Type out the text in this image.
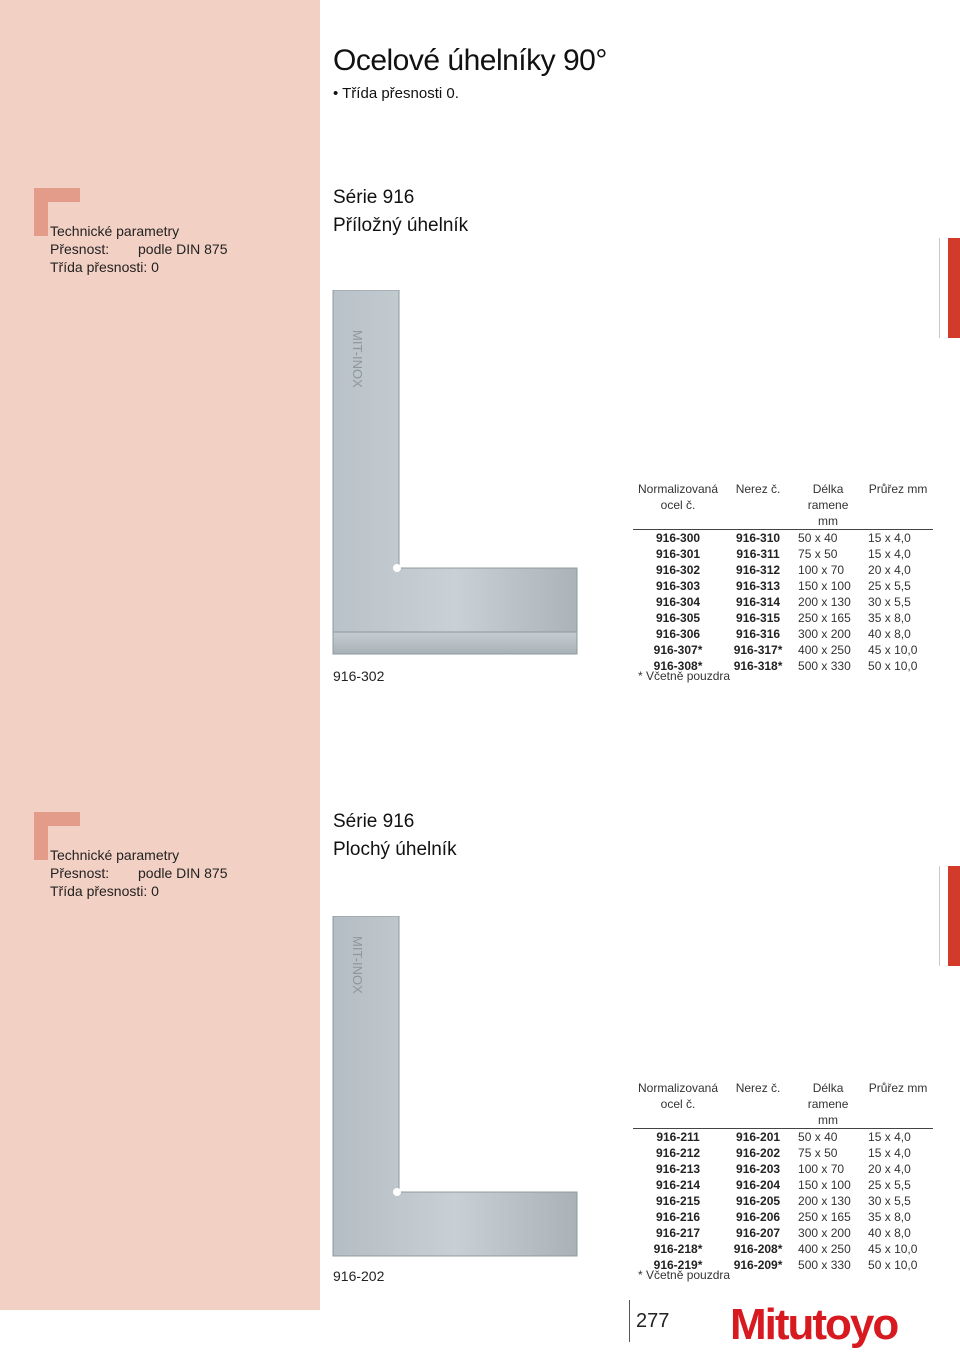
Ocelové úhelníky 90°
• Třída přesnosti 0.
Technické parametry
Přesnost: podle DIN 875
Třída přesnosti: 0
Série 916
Příložný úhelník
MIT-INOX
916-302
Normalizovaná ocel č.	Nerez č.	Délka ramene mm	Průřez mm
916-300	916-310	50 x 40	15 x 4,0
916-301	916-311	75 x 50	15 x 4,0
916-302	916-312	100 x 70	20 x 4,0
916-303	916-313	150 x 100	25 x 5,5
916-304	916-314	200 x 130	30 x 5,5
916-305	916-315	250 x 165	35 x 8,0
916-306	916-316	300 x 200	40 x 8,0
916-307*	916-317*	400 x 250	45 x 10,0
916-308*	916-318*	500 x 330	50 x 10,0
* Včetně pouzdra
Technické parametry
Přesnost: podle DIN 875
Třída přesnosti: 0
Série 916
Plochý úhelník
MIT-INOX
916-202
Normalizovaná ocel č.	Nerez č.	Délka ramene mm	Průřez mm
916-211	916-201	50 x 40	15 x 4,0
916-212	916-202	75 x 50	15 x 4,0
916-213	916-203	100 x 70	20 x 4,0
916-214	916-204	150 x 100	25 x 5,5
916-215	916-205	200 x 130	30 x 5,5
916-216	916-206	250 x 165	35 x 8,0
916-217	916-207	300 x 200	40 x 8,0
916-218*	916-208*	400 x 250	45 x 10,0
916-219*	916-209*	500 x 330	50 x 10,0
* Včetně pouzdra
277 Mitutoyo
